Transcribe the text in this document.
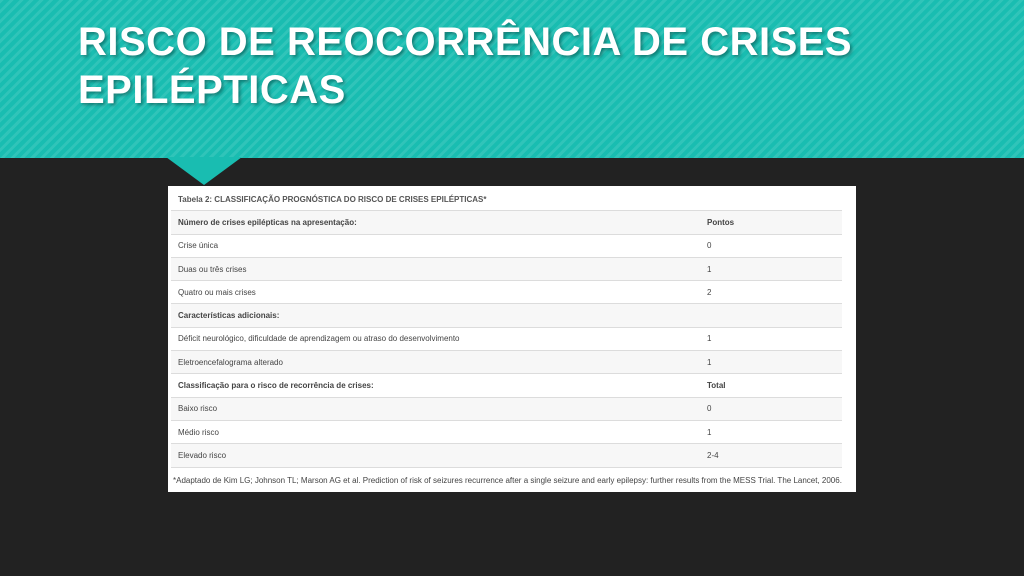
RISCO DE REOCORRÊNCIA DE CRISES
EPILÉPTICAS
Tabela 2: CLASSIFICAÇÃO PROGNÓSTICA DO RISCO DE CRISES EPILÉPTICAS*	
Número de crises epilépticas na apresentação:	Pontos
Crise única	0
Duas ou três crises	1
Quatro ou mais crises	2
Características adicionais:	
Déficit neurológico, dificuldade de aprendizagem ou atraso do desenvolvimento	1
Eletroencefalograma alterado	1
Classificação para o risco de recorrência de crises:	Total
Baixo risco	0
Médio risco	1
Elevado risco	2-4
*Adaptado de Kim LG; Johnson TL; Marson AG et al. Prediction of risk of seizures recurrence after a single seizure and early epilepsy: further results from the MESS Trial. The Lancet, 2006.
